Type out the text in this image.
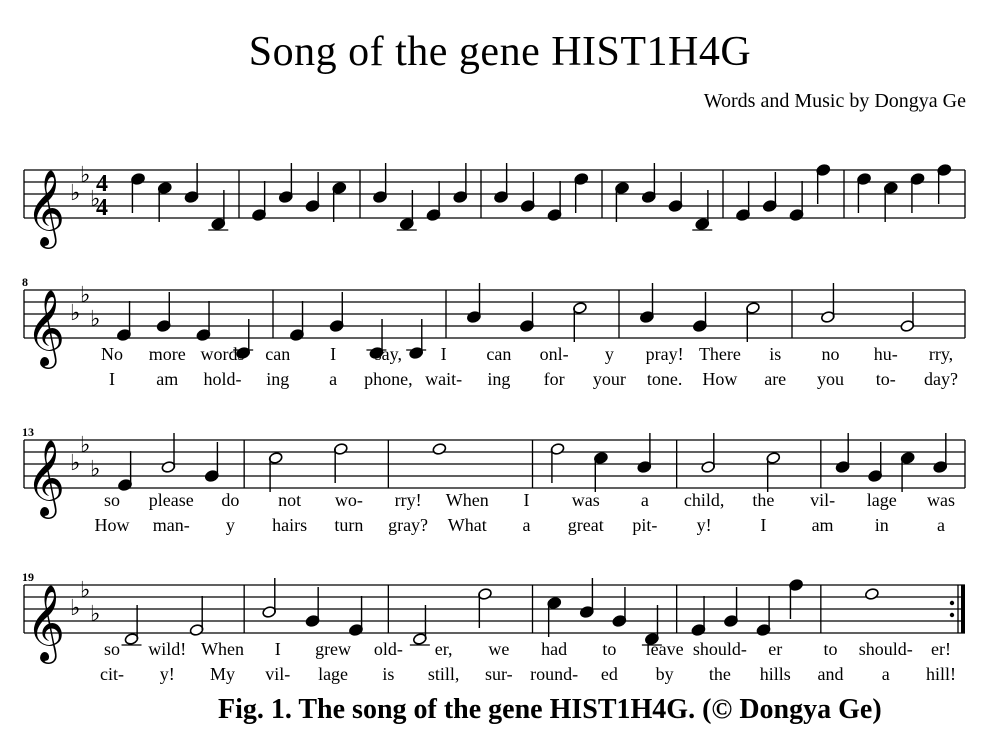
Song of the gene HIST1H4G
Words and Music by Dongya Ge
𝄞 ♭
♭
♭
4
4
𝄞 ♭
♭
♭
8
No more words can I say, I can onl- y pray! There is no hu- rry,
I am hold- ing a phone, wait- ing for your tone. How are you to- day?
𝄞 ♭
♭
♭
13
so please do not wo- rry! When I was a child, the vil- lage was
How man- y hairs turn gray? What a great pit- y!	I	am in	a
𝄞 ♭
♭
♭
19
so wild! When I grew old- er, we had to leave should- er to should- er!
cit- y! My vil- lage is still, sur- round- ed by the hills and a hill!
Fig. 1. The song of the gene HIST1H4G. (© Dongya Ge)
